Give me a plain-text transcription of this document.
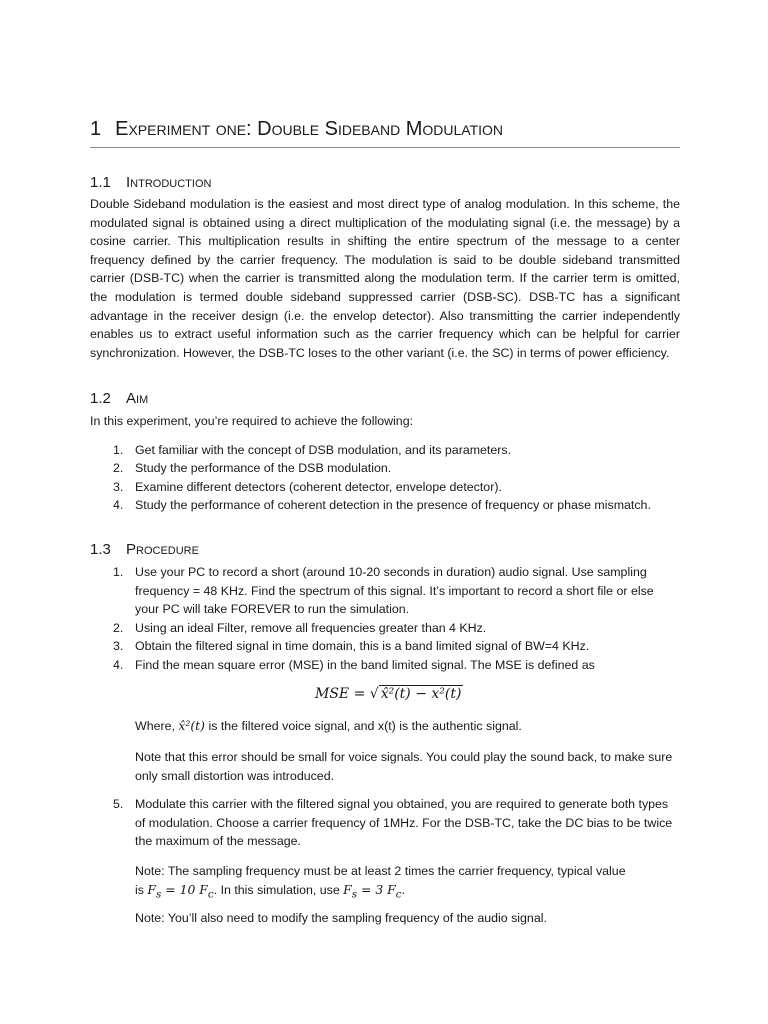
1 Experiment one: Double Sideband Modulation
1.1 Introduction
Double Sideband modulation is the easiest and most direct type of analog modulation. In this scheme, the modulated signal is obtained using a direct multiplication of the modulating signal (i.e. the message) by a cosine carrier. This multiplication results in shifting the entire spectrum of the message to a center frequency defined by the carrier frequency. The modulation is said to be double sideband transmitted carrier (DSB-TC) when the carrier is transmitted along the modulation term. If the carrier term is omitted, the modulation is termed double sideband suppressed carrier (DSB-SC). DSB-TC has a significant advantage in the receiver design (i.e. the envelop detector). Also transmitting the carrier independently enables us to extract useful information such as the carrier frequency which can be helpful for carrier synchronization. However, the DSB-TC loses to the other variant (i.e. the SC) in terms of power efficiency.
1.2 Aim
In this experiment, you’re required to achieve the following:
1. Get familiar with the concept of DSB modulation, and its parameters.
2. Study the performance of the DSB modulation.
3. Examine different detectors (coherent detector, envelope detector).
4. Study the performance of coherent detection in the presence of frequency or phase mismatch.
1.3 Procedure
1. Use your PC to record a short (around 10-20 seconds in duration) audio signal. Use sampling frequency = 48 KHz. Find the spectrum of this signal. It’s important to record a short file or else your PC will take FOREVER to run the simulation.
2. Using an ideal Filter, remove all frequencies greater than 4 KHz.
3. Obtain the filtered signal in time domain, this is a band limited signal of BW=4 KHz.
4. Find the mean square error (MSE) in the band limited signal. The MSE is defined as
MSE = √ x̂²(t) − x²(t)
Where, x̂²(t) is the filtered voice signal, and x(t) is the authentic signal.
Note that this error should be small for voice signals. You could play the sound back, to make sure only small distortion was introduced.
5. Modulate this carrier with the filtered signal you obtained, you are required to generate both types of modulation. Choose a carrier frequency of 1MHz. For the DSB-TC, take the DC bias to be twice the maximum of the message.
Note: The sampling frequency must be at least 2 times the carrier frequency, typical value
is $F_s = 10$ $F_c$. In this simulation, use $F_s = 3$ $F_c$.
Note: You’ll also need to modify the sampling frequency of the audio signal.
